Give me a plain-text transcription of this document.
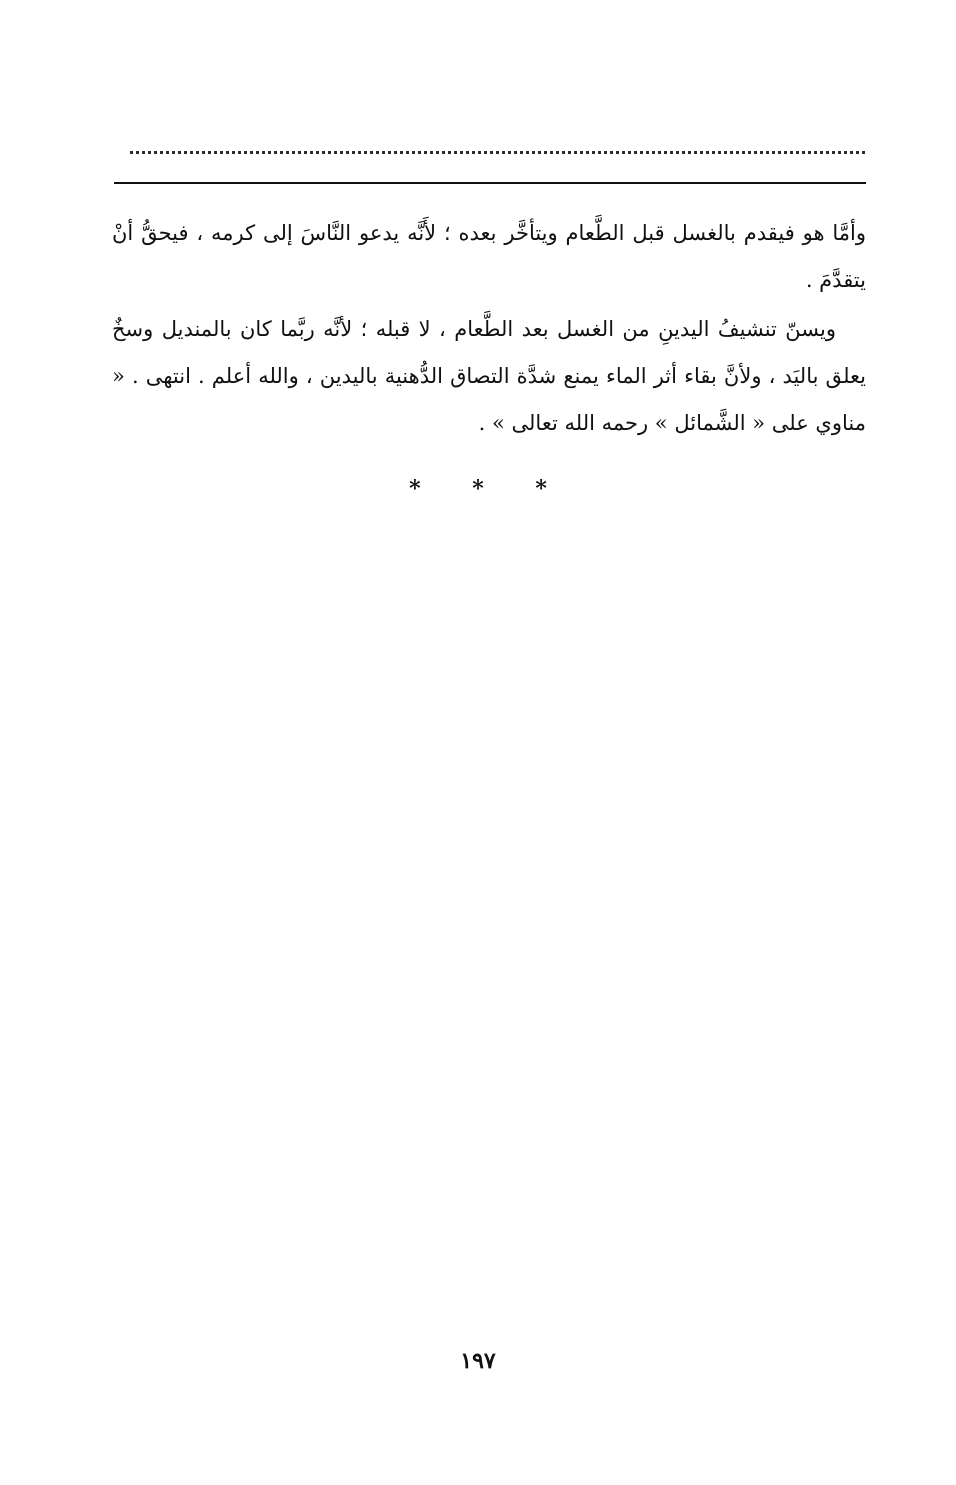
وأمَّا هو فيقدم بالغسل قبل الطَّعام ويتأخَّر بعده ؛ لأَنَّه يدعو النَّاسَ إلى كرمه ، فيحقُّ أنْ يتقدَّمَ .

ويسنّ تنشيفُ اليدينِ من الغسل بعد الطَّعام ، لا قبله ؛ لأنَّه ربَّما كان بالمنديل وسخٌ يعلق باليَد ، ولأنَّ بقاء أثر الماء يمنع شدَّة التصاق الدُّهنية باليدين ، والله أعلم . انتهى . « مناوي على « الشَّمائل » رحمه الله تعالى » .

* * *
١٩٧
